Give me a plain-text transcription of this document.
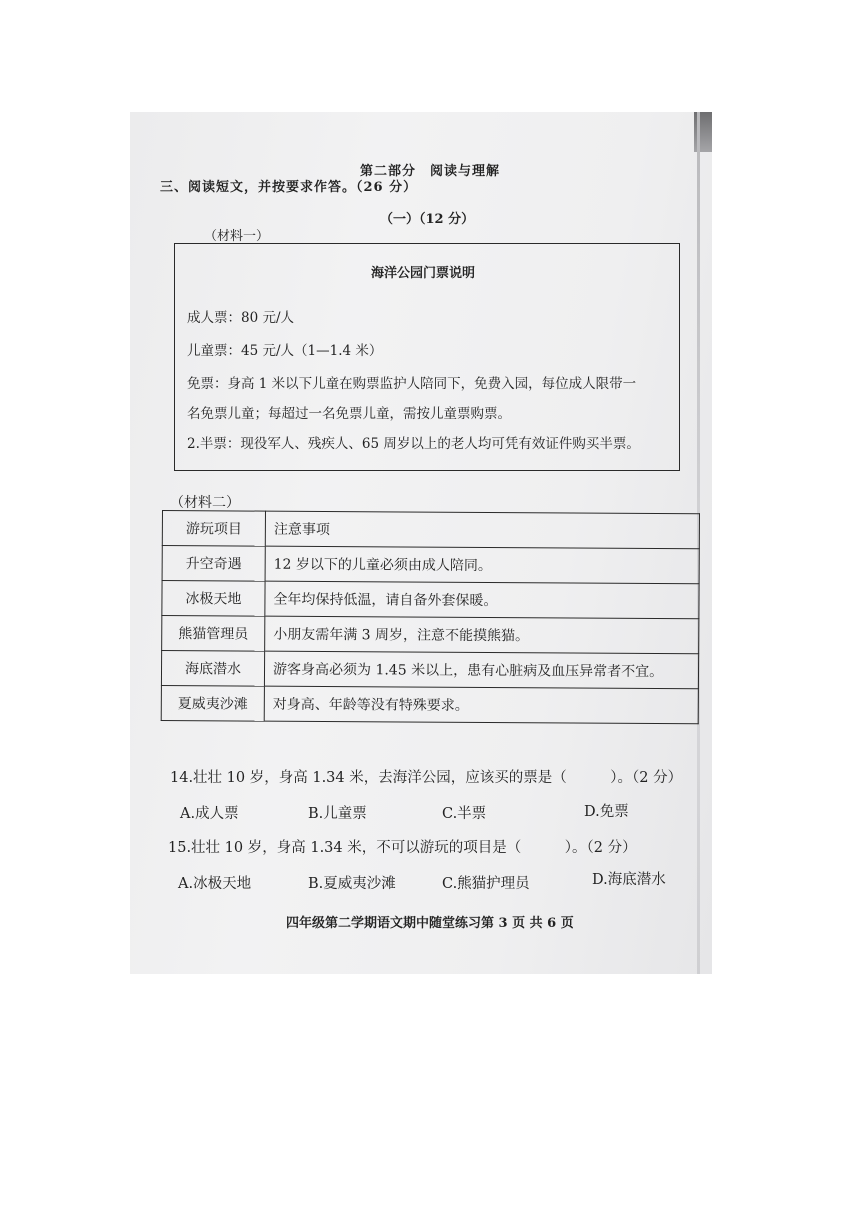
第二部分　阅读与理解
三、阅读短文，并按要求作答。（26 分）
（一）（12 分）
（材料一）
海洋公园门票说明
成人票：80 元/人
儿童票：45 元/人（1—1.4 米）
免票：身高 1 米以下儿童在购票监护人陪同下，免费入园，每位成人限带一
名免票儿童；每超过一名免票儿童，需按儿童票购票。
2.半票：现役军人、残疾人、65 周岁以上的老人均可凭有效证件购买半票。
（材料二）
游玩项目	注意事项
升空奇遇	12 岁以下的儿童必须由成人陪同。
冰极天地	全年均保持低温，请自备外套保暖。
熊猫管理员	小朋友需年满 3 周岁，注意不能摸熊猫。
海底潜水	游客身高必须为 1.45 米以上，患有心脏病及血压异常者不宜。
夏威夷沙滩	对身高、年龄等没有特殊要求。
14.壮壮 10 岁，身高 1.34 米，去海洋公园，应该买的票是（　　　）。（2 分）
A.成人票	B.儿童票	C.半票	D.免票
15.壮壮 10 岁，身高 1.34 米，不可以游玩的项目是（　　　）。（2 分）
A.冰极天地	B.夏威夷沙滩	C.熊猫护理员	D.海底潜水
四年级第二学期语文期中随堂练习第 3 页 共 6 页
